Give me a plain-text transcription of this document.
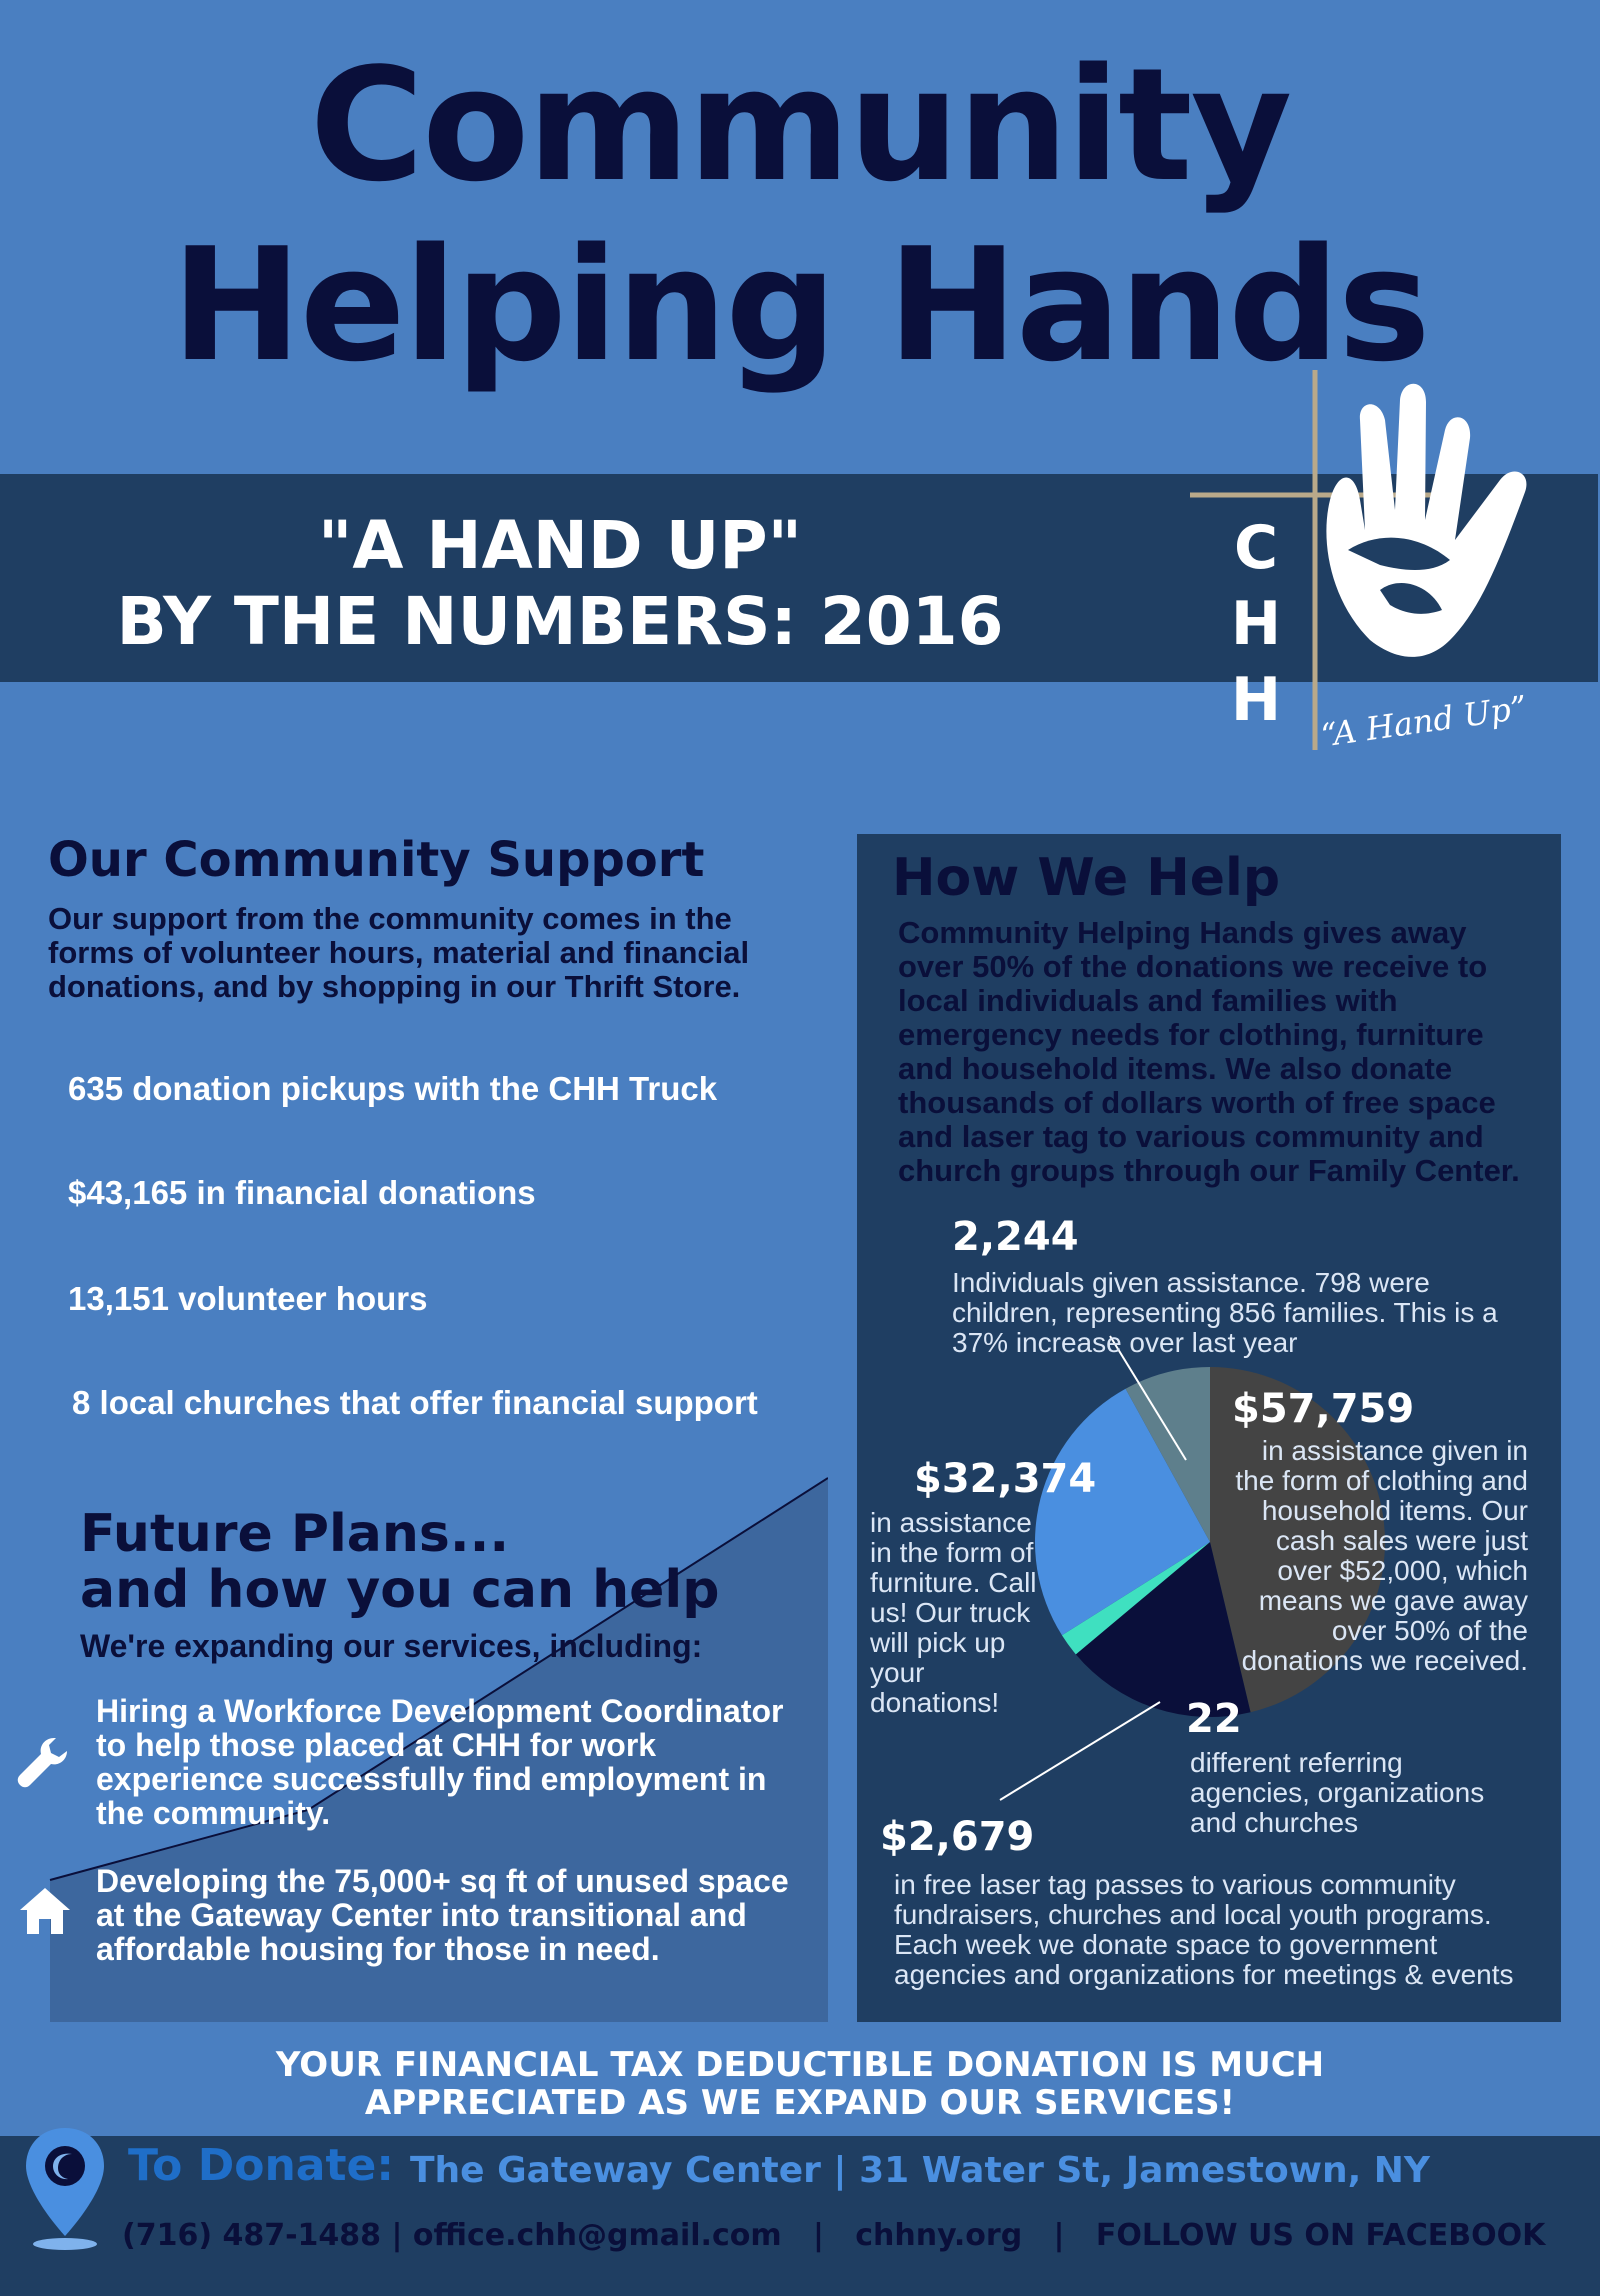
Community
Helping Hands
"A HAND UP"
BY THE NUMBERS: 2016
C
H
H “A Hand Up”
Our Community Support
Our support from the community comes in the forms of volunteer hours, material and financial donations, and by shopping in our Thrift Store.
635 donation pickups with the CHH Truck
$43,165 in financial donations
13,151 volunteer hours
8 local churches that offer financial support
Future Plans...
and how you can help
We're expanding our services, including:
Hiring a Workforce Development Coordinator to help those placed at CHH for work experience successfully find employment in the community.
Developing the 75,000+ sq ft of unused space at the Gateway Center into transitional and affordable housing for those in need.
How We Help
Community Helping Hands gives away over 50% of the donations we receive to local individuals and families with emergency needs for clothing, furniture and household items. We also donate thousands of dollars worth of free space and laser tag to various community and church groups through our Family Center.
2,244
Individuals given assistance. 798 were children, representing 856 families. This is a 37% increase over last year
$57,759
in assistance given in the form of clothing and household items. Our cash sales were just over $52,000, which means we gave away over 50% of the donations we received.
$32,374
in assistance in the form of furniture. Call us! Our truck will pick up your donations!	22
different referring agencies, organizations and churches
$2,679
in free laser tag passes to various community fundraisers, churches and local youth programs. Each week we donate space to government agencies and organizations for meetings & events
YOUR FINANCIAL TAX DEDUCTIBLE DONATION IS MUCH
APPRECIATED AS WE EXPAND OUR SERVICES!
To Donate: The Gateway Center | 31 Water St, Jamestown, NY
(716) 487-1488 | office.chh@gmail.com   |   chhny.org   |   FOLLOW US ON FACEBOOK
